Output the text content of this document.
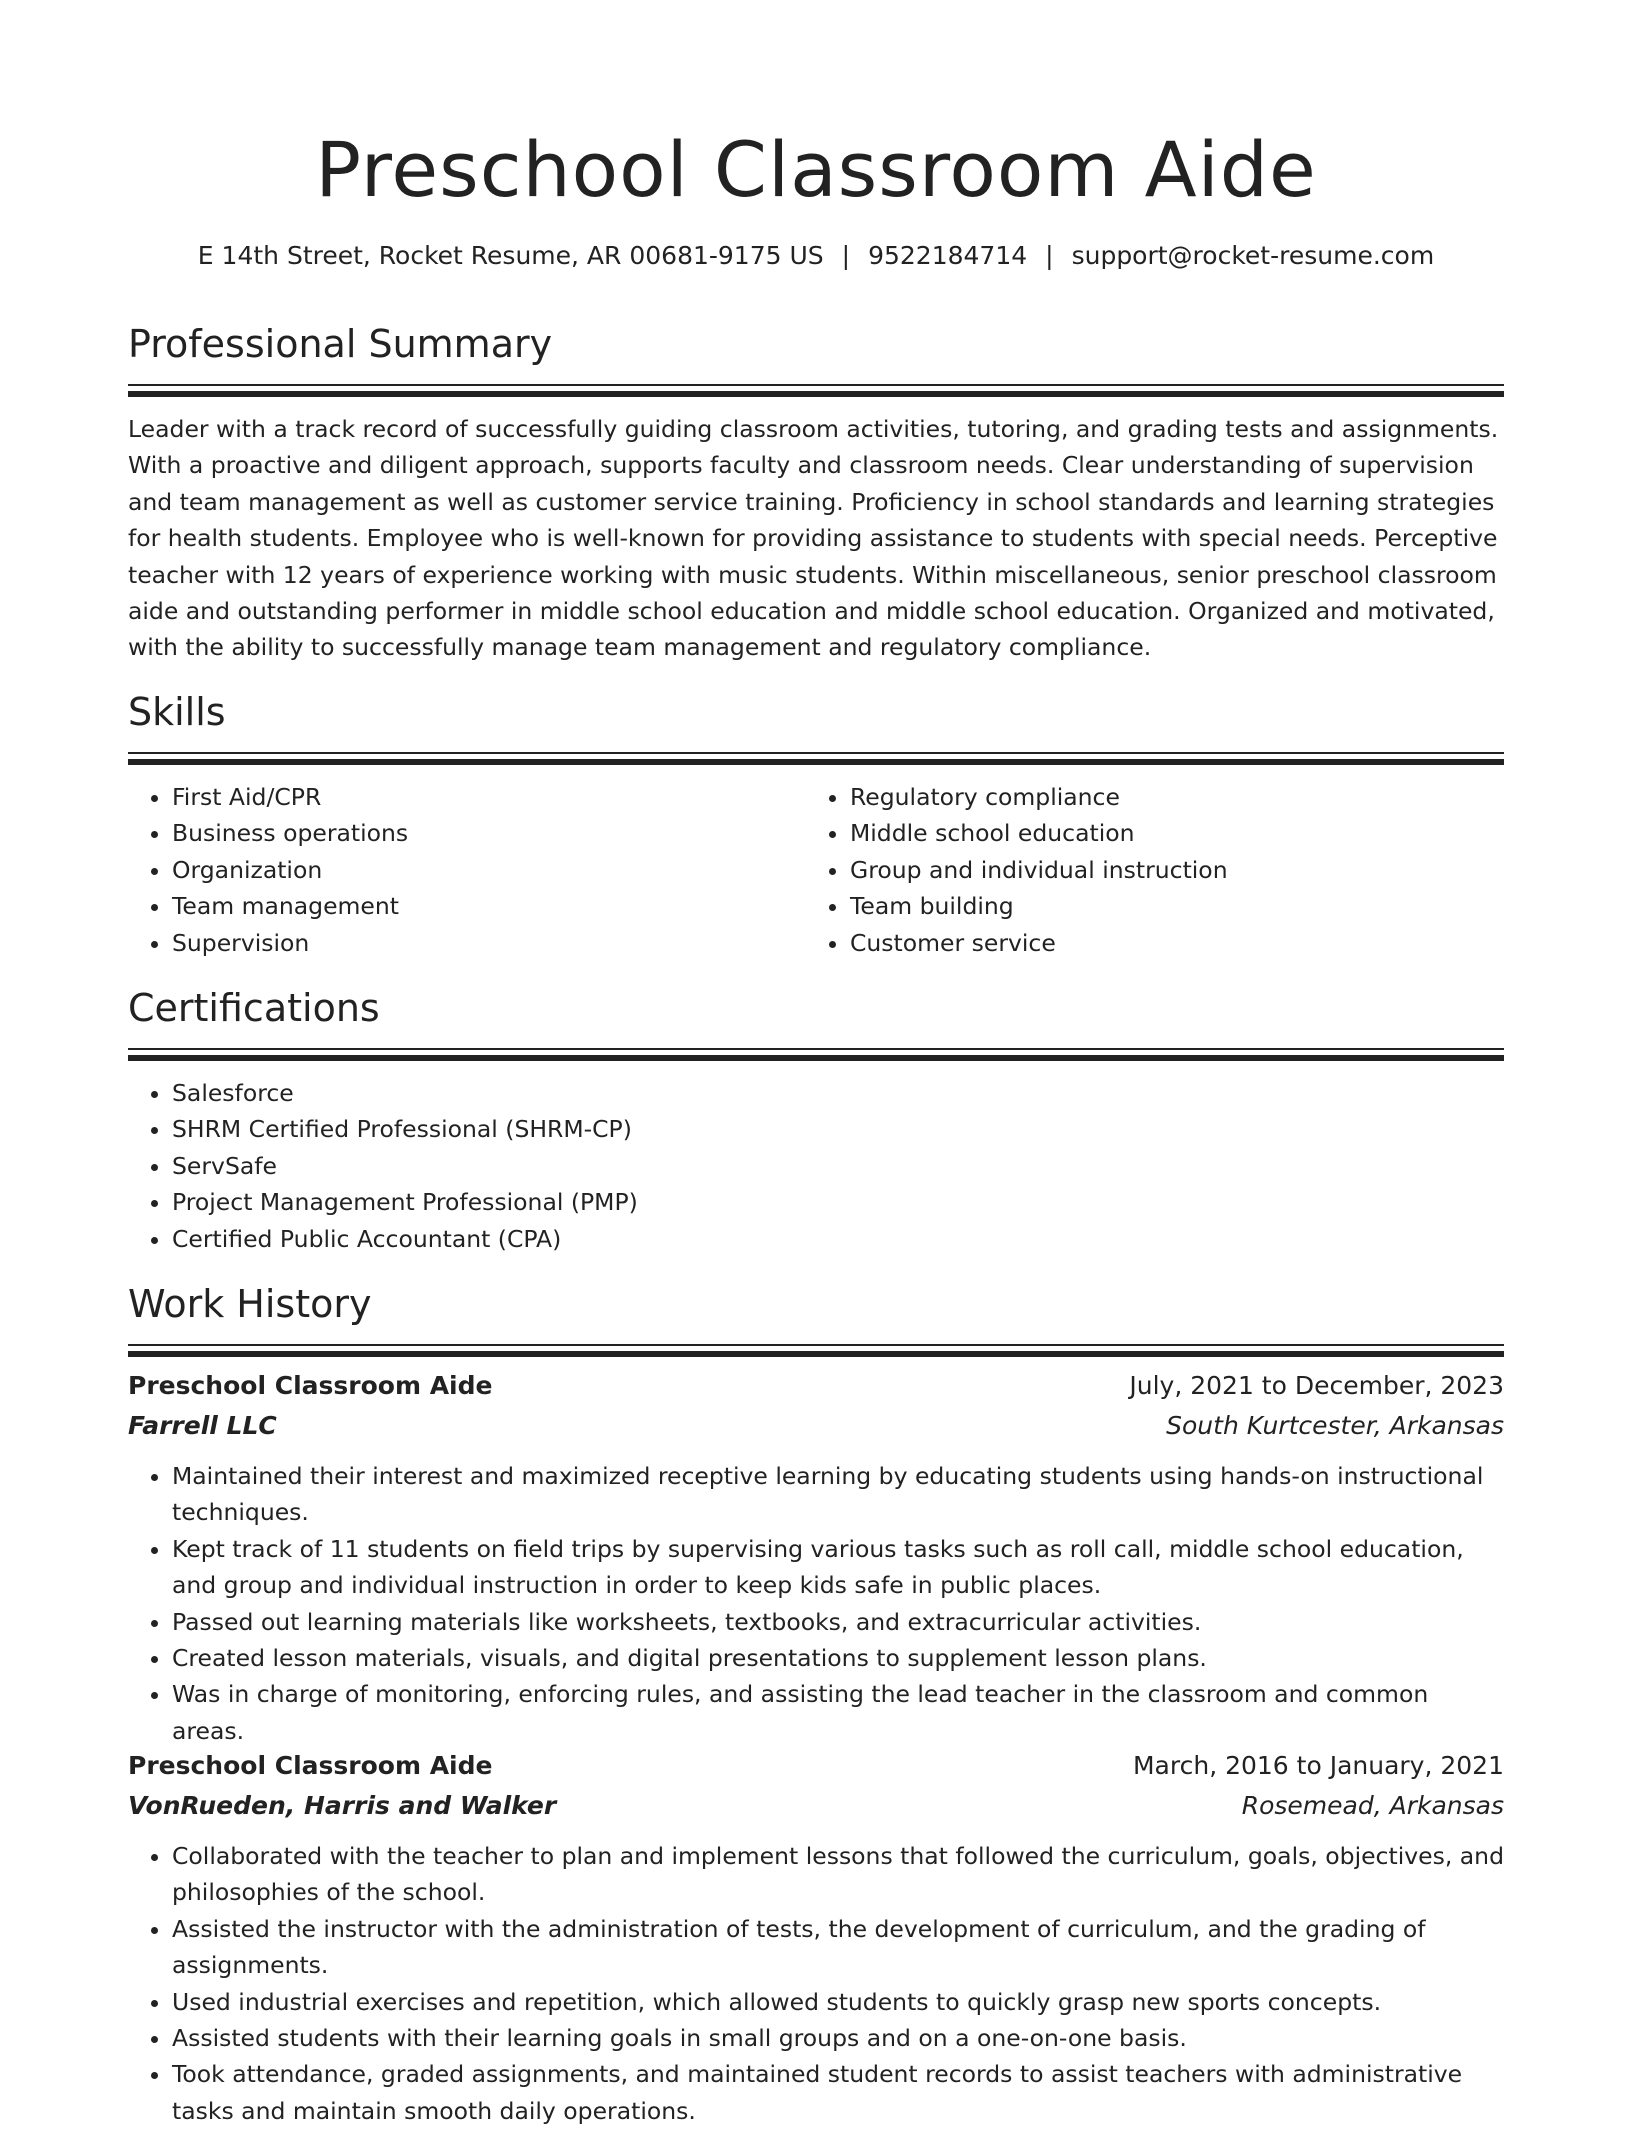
Preschool Classroom Aide
E 14th Street, Rocket Resume, AR 00681-9175 US | 9522184714 | support@rocket-resume.com
Professional Summary

Leader with a track record of successfully guiding classroom activities, tutoring, and grading tests and assignments. With a proactive and diligent approach, supports faculty and classroom needs. Clear understanding of supervision and team management as well as customer service training. Proficiency in school standards and learning strategies for health students. Employee who is well-known for providing assistance to students with special needs. Perceptive teacher with 12 years of experience working with music students. Within miscellaneous, senior preschool classroom aide and outstanding performer in middle school education and middle school education. Organized and motivated, with the ability to successfully manage team management and regulatory compliance.

Skills
• First Aid/CPR
• Business operations
• Organization
• Team management
• Supervision
• Regulatory compliance
• Middle school education
• Group and individual instruction
• Team building
• Customer service
Certifications
• Salesforce
• SHRM Certified Professional (SHRM-CP)
• ServSafe
• Project Management Professional (PMP)
• Certified Public Accountant (CPA)
Work History
Preschool Classroom Aide	July, 2021 to December, 2023
Farrell LLC	South Kurtcester, Arkansas
• Maintained their interest and maximized receptive learning by educating students using hands-on instructional techniques.
• Kept track of 11 students on field trips by supervising various tasks such as roll call, middle school education, and group and individual instruction in order to keep kids safe in public places.
• Passed out learning materials like worksheets, textbooks, and extracurricular activities.
• Created lesson materials, visuals, and digital presentations to supplement lesson plans.
• Was in charge of monitoring, enforcing rules, and assisting the lead teacher in the classroom and common areas.
Preschool Classroom Aide	March, 2016 to January, 2021
VonRueden, Harris and Walker	Rosemead, Arkansas
• Collaborated with the teacher to plan and implement lessons that followed the curriculum, goals, objectives, and philosophies of the school.
• Assisted the instructor with the administration of tests, the development of curriculum, and the grading of assignments.
• Used industrial exercises and repetition, which allowed students to quickly grasp new sports concepts.
• Assisted students with their learning goals in small groups and on a one-on-one basis.
• Took attendance, graded assignments, and maintained student records to assist teachers with administrative tasks and maintain smooth daily operations.
